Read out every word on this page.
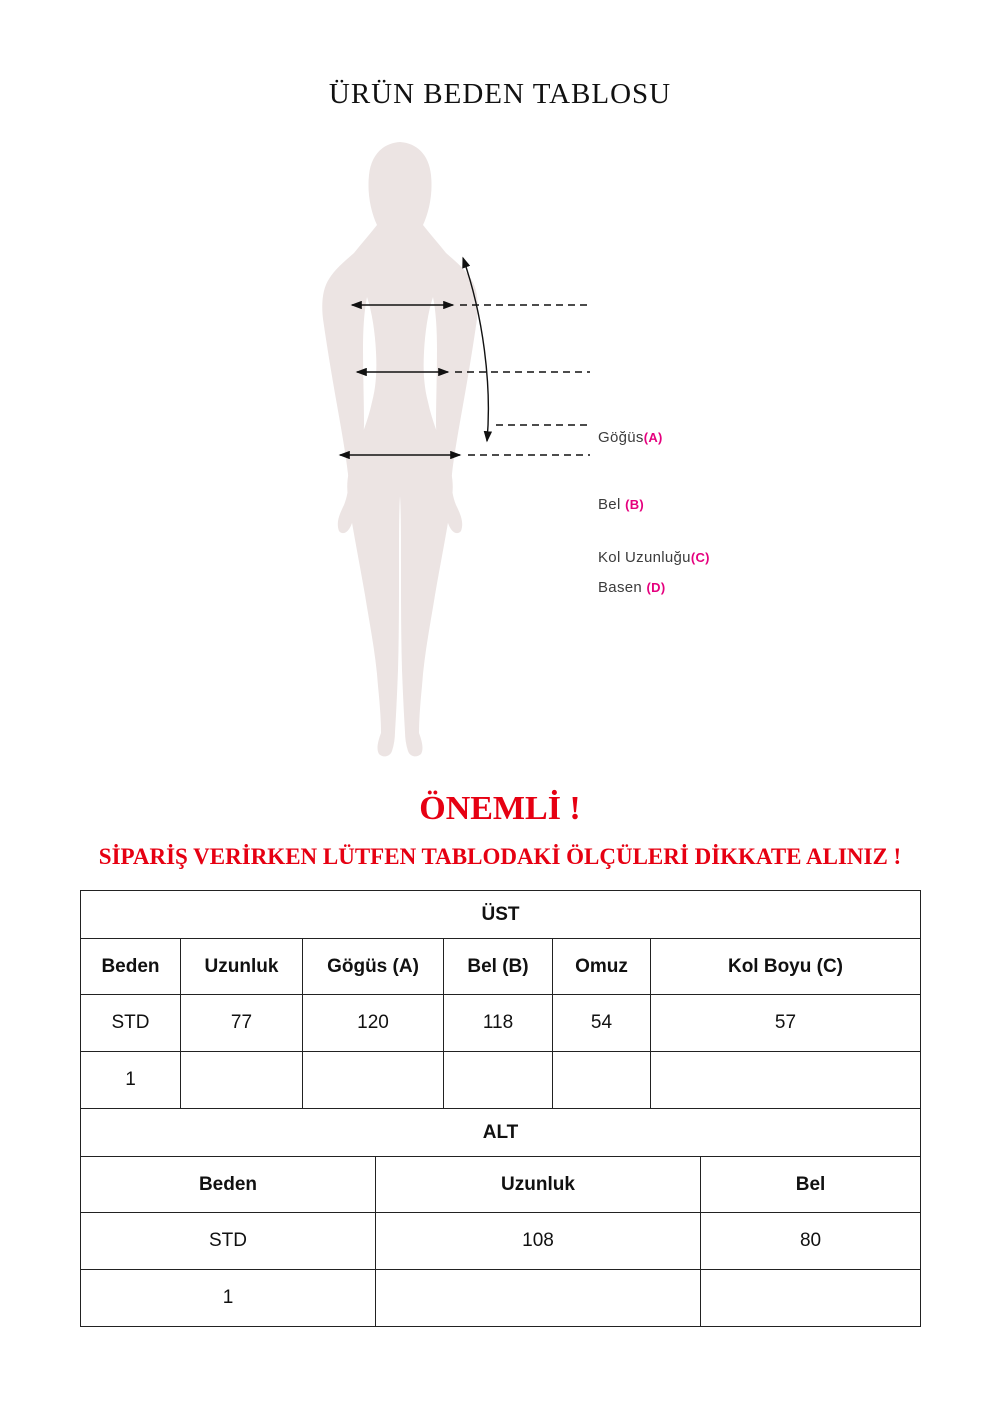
ÜRÜN BEDEN TABLOSU
Göğüs(A)
Bel (B)
Kol Uzunluğu(C)
Basen (D)
ÖNEMLİ !
SİPARİŞ VERİRKEN LÜTFEN TABLODAKİ ÖLÇÜLERİ DİKKATE ALINIZ !
ÜST					
Beden	Uzunluk	Gögüs (A)	Bel (B)	Omuz	Kol Boyu (C)
STD	77	120	118	54	57
1					
ALT		
Beden	Uzunluk	Bel
STD	108	80
1		
